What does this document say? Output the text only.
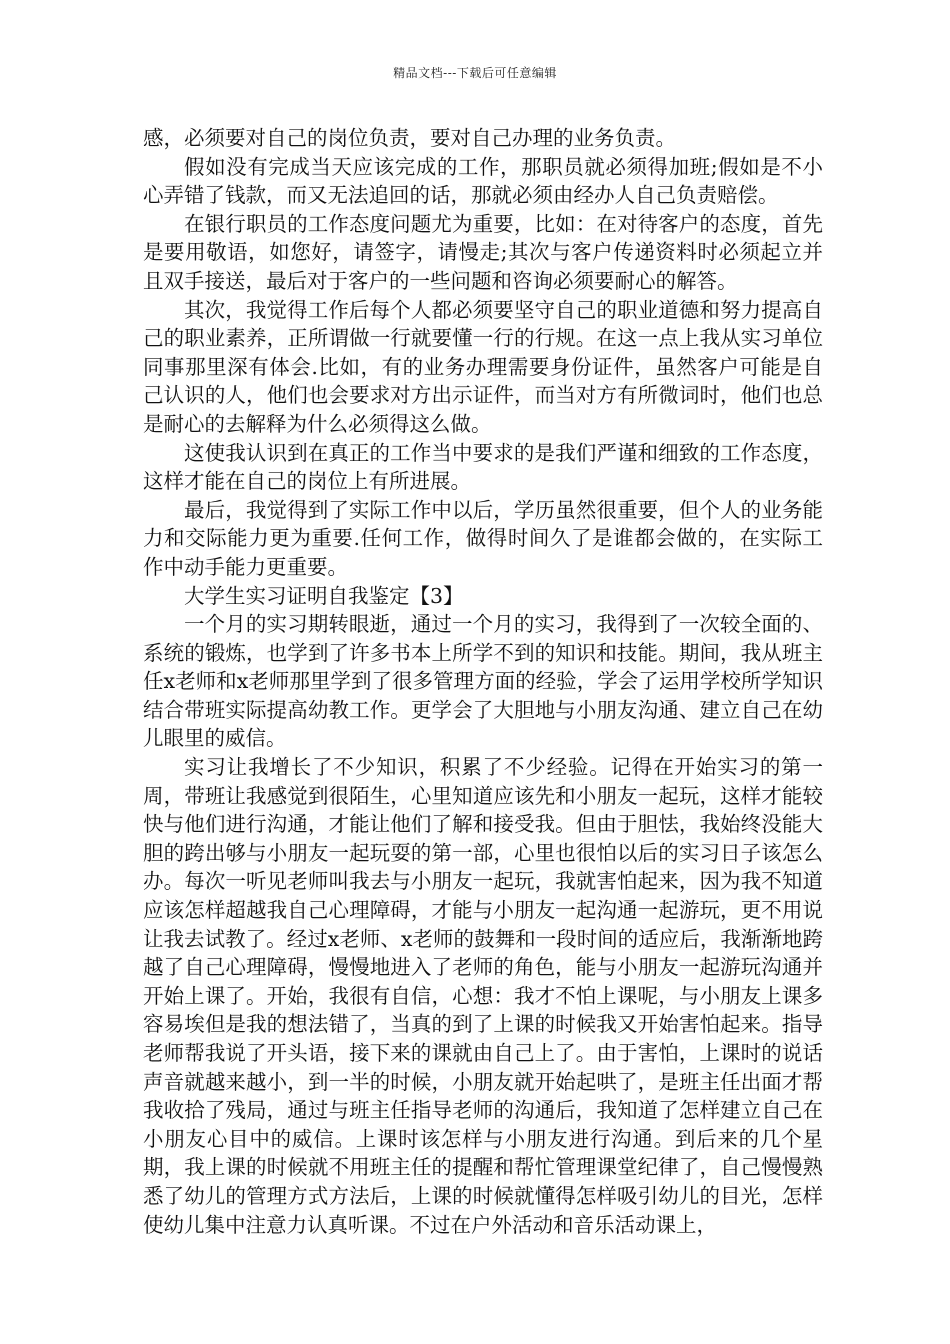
精品文档---下载后可任意编辑

感，必须要对自己的岗位负责，要对自己办理的业务负责。

假如没有完成当天应该完成的工作，那职员就必须得加班;假如是不小心弄错了钱款，而又无法追回的话，那就必须由经办人自己负责赔偿。

在银行职员的工作态度问题尤为重要，比如：在对待客户的态度，首先是要用敬语，如您好，请签字，请慢走;其次与客户传递资料时必须起立并且双手接送，最后对于客户的一些问题和咨询必须要耐心的解答。

其次，我觉得工作后每个人都必须要坚守自己的职业道德和努力提高自己的职业素养，正所谓做一行就要懂一行的行规。在这一点上我从实习单位同事那里深有体会.比如，有的业务办理需要身份证件，虽然客户可能是自己认识的人，他们也会要求对方出示证件，而当对方有所微词时，他们也总是耐心的去解释为什么必须得这么做。

这使我认识到在真正的工作当中要求的是我们严谨和细致的工作态度，这样才能在自己的岗位上有所进展。

最后，我觉得到了实际工作中以后，学历虽然很重要，但个人的业务能力和交际能力更为重要.任何工作，做得时间久了是谁都会做的，在实际工作中动手能力更重要。

大学生实习证明自我鉴定【3】

一个月的实习期转眼逝，通过一个月的实习，我得到了一次较全面的、系统的锻炼，也学到了许多书本上所学不到的知识和技能。期间，我从班主任x老师和x老师那里学到了很多管理方面的经验，学会了运用学校所学知识结合带班实际提高幼教工作。更学会了大胆地与小朋友沟通、建立自己在幼儿眼里的威信。

实习让我增长了不少知识，积累了不少经验。记得在开始实习的第一周，带班让我感觉到很陌生，心里知道应该先和小朋友一起玩，这样才能较快与他们进行沟通，才能让他们了解和接受我。但由于胆怯，我始终没能大胆的跨出够与小朋友一起玩耍的第一部，心里也很怕以后的实习日子该怎么办。每次一听见老师叫我去与小朋友一起玩，我就害怕起来，因为我不知道应该怎样超越我自己心理障碍，才能与小朋友一起沟通一起游玩，更不用说让我去试教了。经过x老师、x老师的鼓舞和一段时间的适应后，我渐渐地跨越了自己心理障碍，慢慢地进入了老师的角色，能与小朋友一起游玩沟通并开始上课了。开始，我很有自信，心想：我才不怕上课呢，与小朋友上课多容易埃但是我的想法错了，当真的到了上课的时候我又开始害怕起来。指导老师帮我说了开头语，接下来的课就由自己上了。由于害怕，上课时的说话声音就越来越小，到一半的时候，小朋友就开始起哄了，是班主任出面才帮我收拾了残局，通过与班主任指导老师的沟通后，我知道了怎样建立自己在小朋友心目中的威信。上课时该怎样与小朋友进行沟通。到后来的几个星期，我上课的时候就不用班主任的提醒和帮忙管理课堂纪律了，自己慢慢熟悉了幼儿的管理方式方法后，上课的时候就懂得怎样吸引幼儿的目光，怎样使幼儿集中注意力认真听课。不过在户外活动和音乐活动课上，
